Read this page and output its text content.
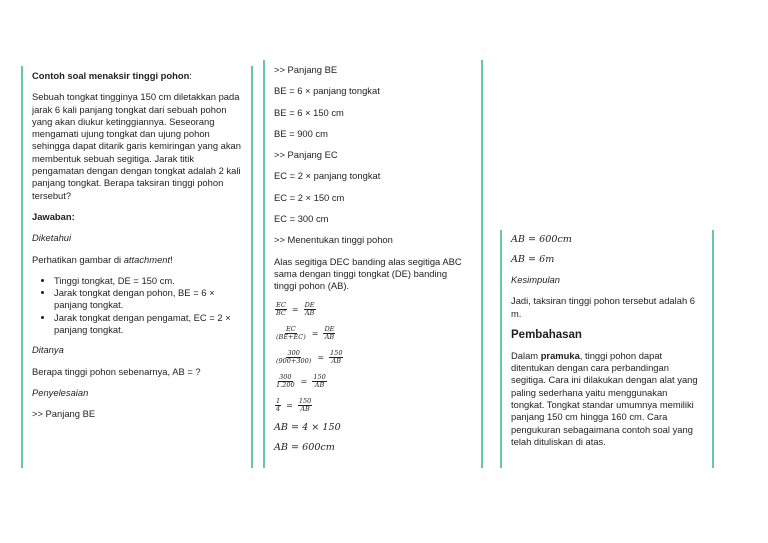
Contoh soal menaksir tinggi pohon:
Sebuah tongkat tingginya 150 cm diletakkan pada jarak 6 kali panjang tongkat dari sebuah pohon yang akan diukur ketinggiannya. Seseorang mengamati ujung tongkat dan ujung pohon sehingga dapat ditarik garis kemiringan yang akan membentuk sebuah segitiga. Jarak titik pengamatan dengan dengan tongkat adalah 2 kali panjang tongkat. Berapa taksiran tinggi pohon tersebut?
Jawaban:
Diketahui
Perhatikan gambar di attachment!
• Tinggi tongkat, DE = 150 cm.
• Jarak tongkat dengan pohon, BE = 6 × panjang tongkat.
• Jarak tongkat dengan pengamat, EC = 2 × panjang tongkat.
Ditanya
Berapa tinggi pohon sebenarnya, AB = ?
Penyelesaian
>> Panjang BE
>> Panjang BE
BE = 6 × panjang tongkat
BE = 6 × 150 cm
BE = 900 cm
>> Panjang EC
EC = 2 × panjang tongkat
EC = 2 × 150 cm
EC = 300 cm
>> Menentukan tinggi pohon
Alas segitiga DEC banding alas segitiga ABC sama dengan tinggi tongkat (DE) banding tinggi pohon (AB).
$\frac{EC}{BC} = \frac{DE}{AB}$
$\frac{EC}{(BE+EC)} = \frac{DE}{AB}$
$\frac{300}{(900+300)} = \frac{150}{AB}$
$\frac{300}{1.200} = \frac{150}{AB}$
$\frac{1}{4} = \frac{150}{AB}$
AB = 4 × 150
AB = 600cm
AB = 600cm
AB = 6m
Kesimpulan
Jadi, taksiran tinggi pohon tersebut adalah 6 m.
Pembahasan
Dalam pramuka, tinggi pohon dapat ditentukan dengan cara perbandingan segitiga. Cara ini dilakukan dengan alat yang paling sederhana yaitu menggunakan tongkat. Tongkat standar umumnya memiliki panjang 150 cm hingga 160 cm. Cara pengukuran sebagaimana contoh soal yang telah dituliskan di atas.
